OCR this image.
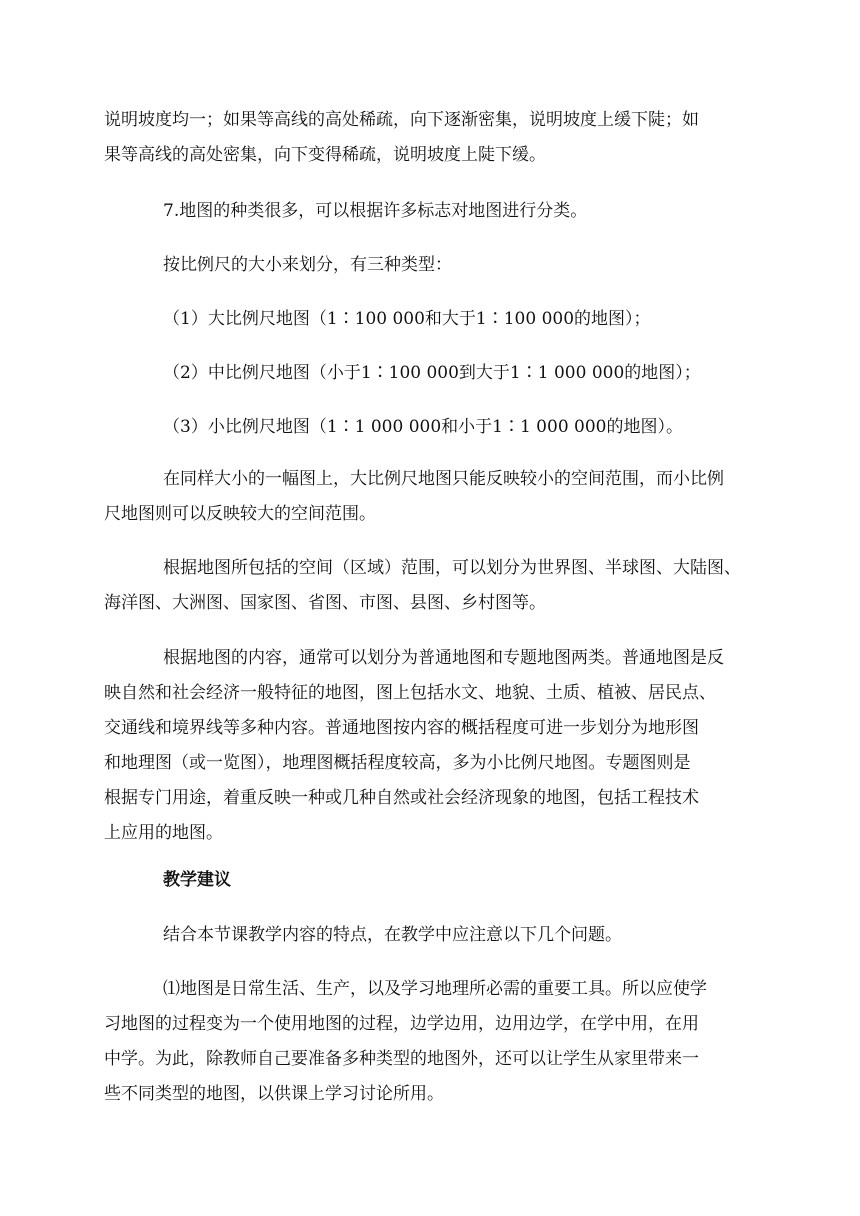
说明坡度均一；如果等高线的高处稀疏，向下逐渐密集，说明坡度上缓下陡；如
果等高线的高处密集，向下变得稀疏，说明坡度上陡下缓。
7.地图的种类很多，可以根据许多标志对地图进行分类。
按比例尺的大小来划分，有三种类型：
（1）大比例尺地图（1∶100 000和大于1∶100 000的地图）；
（2）中比例尺地图（小于1∶100 000到大于1∶1 000 000的地图）；
（3）小比例尺地图（1∶1 000 000和小于1∶1 000 000的地图）。
在同样大小的一幅图上，大比例尺地图只能反映较小的空间范围，而小比例
尺地图则可以反映较大的空间范围。
根据地图所包括的空间（区域）范围，可以划分为世界图、半球图、大陆图、
海洋图、大洲图、国家图、省图、市图、县图、乡村图等。
根据地图的内容，通常可以划分为普通地图和专题地图两类。普通地图是反
映自然和社会经济一般特征的地图，图上包括水文、地貌、土质、植被、居民点、
交通线和境界线等多种内容。普通地图按内容的概括程度可进一步划分为地形图
和地理图（或一览图），地理图概括程度较高，多为小比例尺地图。专题图则是
根据专门用途，着重反映一种或几种自然或社会经济现象的地图，包括工程技术
上应用的地图。
教学建议
结合本节课教学内容的特点，在教学中应注意以下几个问题。
⑴地图是日常生活、生产，以及学习地理所必需的重要工具。所以应使学
习地图的过程变为一个使用地图的过程，边学边用，边用边学，在学中用，在用
中学。为此，除教师自己要准备多种类型的地图外，还可以让学生从家里带来一
些不同类型的地图，以供课上学习讨论所用。
